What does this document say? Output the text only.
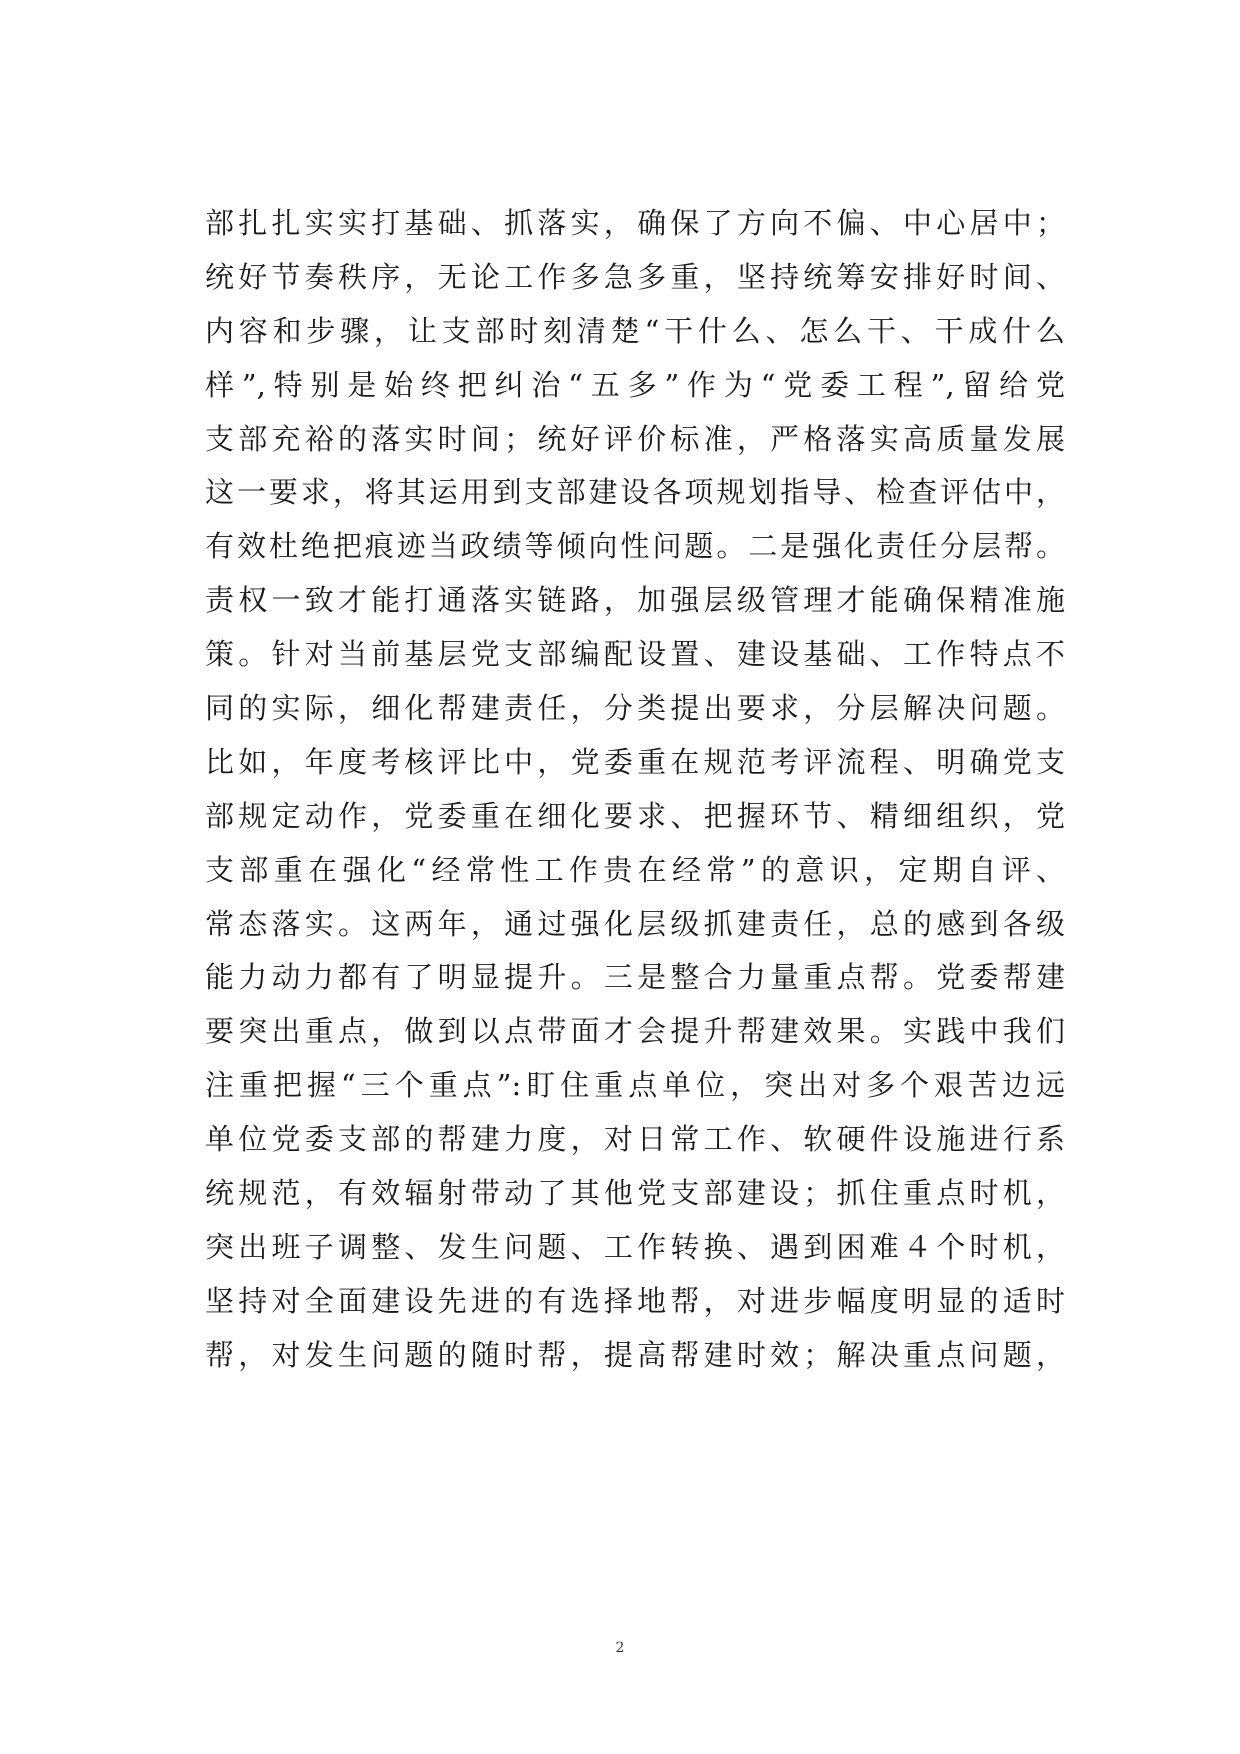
部扎扎实实打基础、抓落实，确保了方向不偏、中心居中；
统好节奏秩序，无论工作多急多重，坚持统筹安排好时间、
内容和步骤，让支部时刻清楚“干什么、怎么干、干成什么
样”,特别是始终把纠治“五多”作为“党委工程”,留给党
支部充裕的落实时间；统好评价标准，严格落实高质量发展
这一要求，将其运用到支部建设各项规划指导、检查评估中，
有效杜绝把痕迹当政绩等倾向性问题。二是强化责任分层帮。
责权一致才能打通落实链路，加强层级管理才能确保精准施
策。针对当前基层党支部编配设置、建设基础、工作特点不
同的实际，细化帮建责任，分类提出要求，分层解决问题。
比如，年度考核评比中，党委重在规范考评流程、明确党支
部规定动作，党委重在细化要求、把握环节、精细组织，党
支部重在强化“经常性工作贵在经常”的意识，定期自评、
常态落实。这两年，通过强化层级抓建责任，总的感到各级
能力动力都有了明显提升。三是整合力量重点帮。党委帮建
要突出重点，做到以点带面才会提升帮建效果。实践中我们
注重把握“三个重点”:盯住重点单位，突出对多个艰苦边远
单位党委支部的帮建力度，对日常工作、软硬件设施进行系
统规范，有效辐射带动了其他党支部建设；抓住重点时机，
突出班子调整、发生问题、工作转换、遇到困难４个时机，
坚持对全面建设先进的有选择地帮，对进步幅度明显的适时
帮，对发生问题的随时帮，提高帮建时效；解决重点问题，
2
